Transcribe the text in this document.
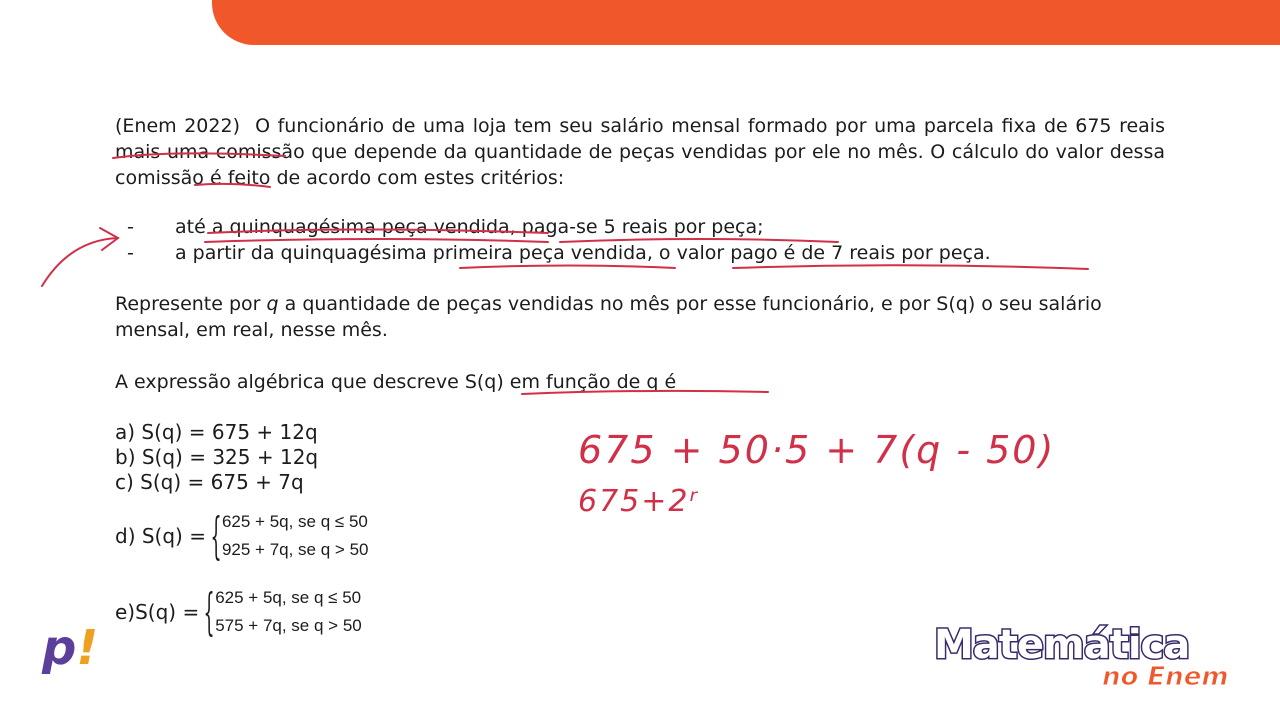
(Enem 2022) O funcionário de uma loja tem seu salário mensal formado por uma parcela fixa de 675 reais mais uma comissão que depende da quantidade de peças vendidas por ele no mês. O cálculo do valor dessa comissão é feito de acordo com estes critérios:

-	até a quinquagésima peça vendida, paga-se 5 reais por peça;
-	a partir da quinquagésima primeira peça vendida, o valor pago é de 7 reais por peça.

Represente por q a quantidade de peças vendidas no mês por esse funcionário, e por S(q) o seu salário mensal, em real, nesse mês.

A expressão algébrica que descreve S(q) em função de q é

a) S(q) = 675 + 12q
b) S(q) = 325 + 12q
c) S(q) = 675 + 7q
d) S(q) = { 625 + 5q, se q ≤ 50
925 + 7q, se q > 50
e)S(q) = { 625 + 5q, se q ≤ 50
575 + 7q, se q > 50
675 + 50·5 + 7(q - 50)
675+2ʳ
p!	Matemática
no Enem
